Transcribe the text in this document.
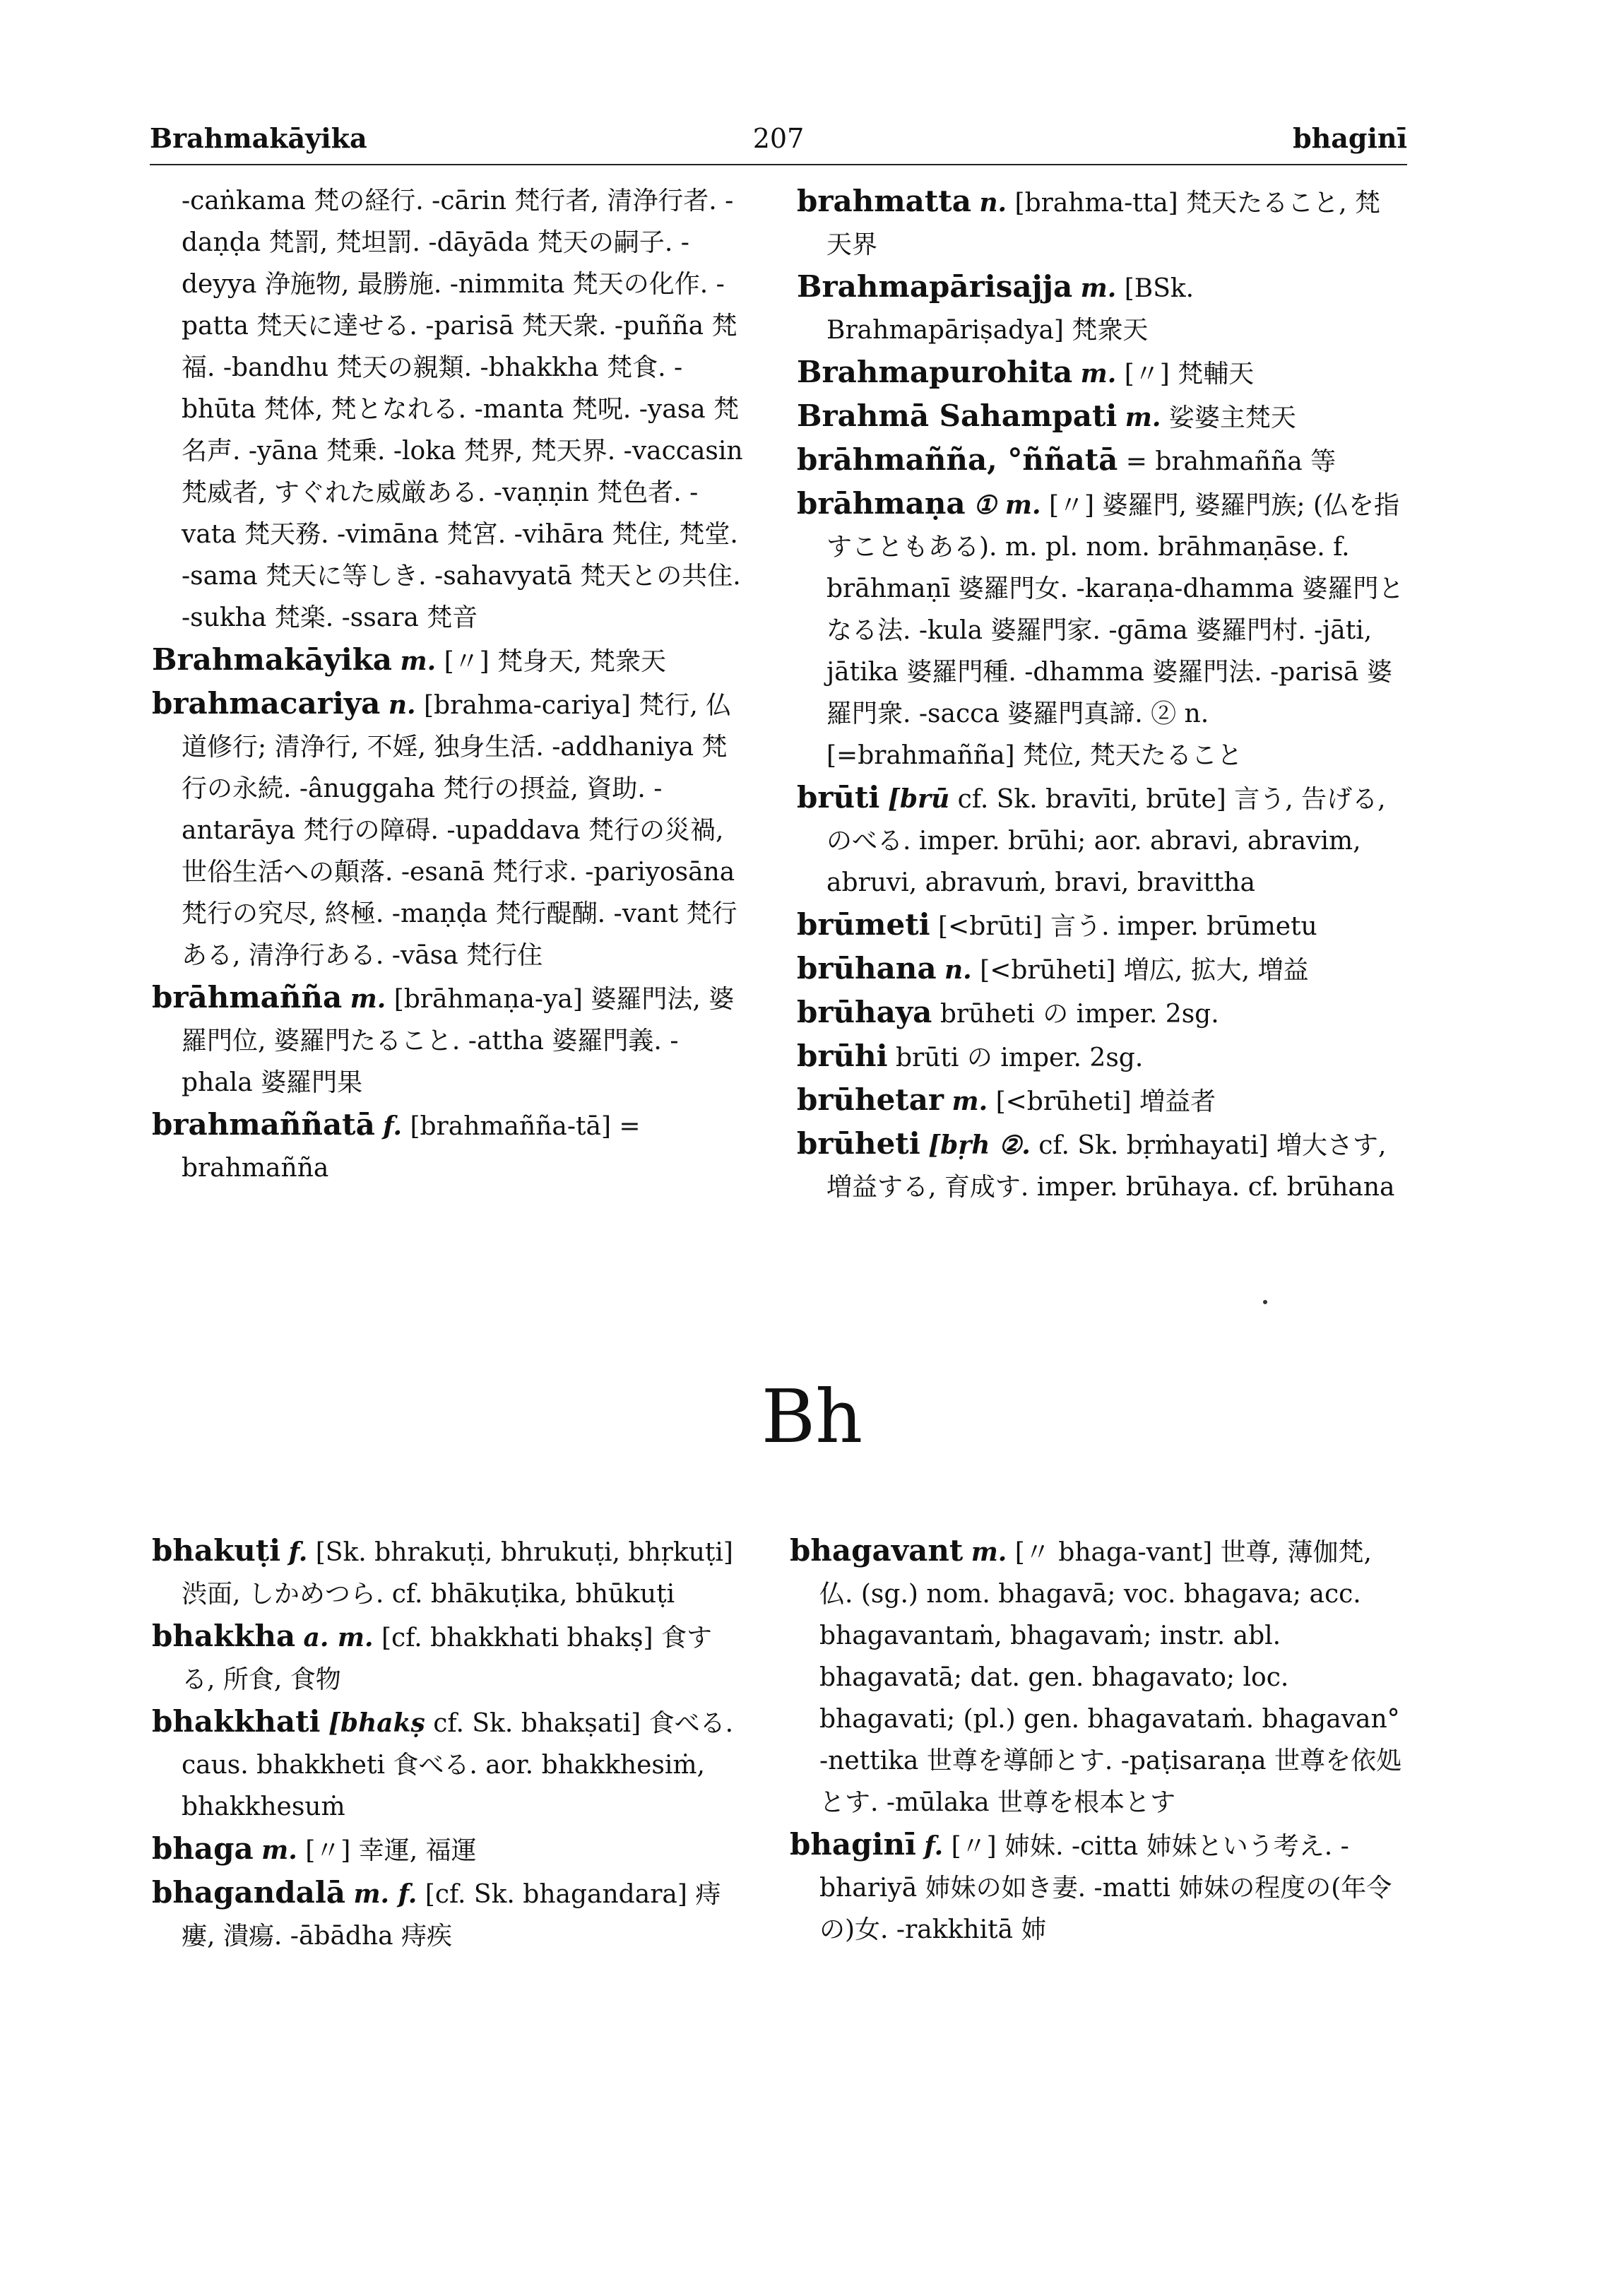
Brahmakāyika	207	bhaginī

-caṅkama 梵の経行. -cārin 梵行者, 清浄行者. -daṇḍa 梵罰, 梵坦罰. -dāyāda 梵天の嗣子. -deyya 浄施物, 最勝施. -nimmita 梵天の化作. -patta 梵天に達せる. -parisā 梵天衆. -puñña 梵福. -bandhu 梵天の親類. -bhakkha 梵食. -bhūta 梵体, 梵となれる. -manta 梵呪. -yasa 梵名声. -yāna 梵乗. -loka 梵界, 梵天界. -vaccasin 梵威者, すぐれた威厳ある. -vaṇṇin 梵色者. -vata 梵天務. -vimāna 梵宮. -vihāra 梵住, 梵堂. -sama 梵天に等しき. -sahavyatā 梵天との共住. -sukha 梵楽. -ssara 梵音

Brahmakāyika m. [〃] 梵身天, 梵衆天

brahmacariya n. [brahma-cariya] 梵行, 仏道修行; 清浄行, 不婬, 独身生活. -addhaniya 梵行の永続. -ânuggaha 梵行の摂益, 資助. -antarāya 梵行の障碍. -upaddava 梵行の災禍, 世俗生活への顛落. -esanā 梵行求. -pariyosāna 梵行の究尽, 終極. -maṇḍa 梵行醍醐. -vant 梵行ある, 清浄行ある. -vāsa 梵行住

brāhmañña m. [brāhmaṇa-ya] 婆羅門法, 婆羅門位, 婆羅門たること. -attha 婆羅門義. -phala 婆羅門果

brahmaññatā f. [brahmañña-tā] = brahmañña

brahmatta n. [brahma-tta] 梵天たること, 梵天界

Brahmapārisajja m. [BSk. Brahmapāriṣadya] 梵衆天

Brahmapurohita m. [〃] 梵輔天

Brahmā Sahampati m. 娑婆主梵天

brāhmañña, °ññatā = brahmañña 等

brāhmaṇa ① m. [〃] 婆羅門, 婆羅門族; (仏を指すこともある). m. pl. nom. brāhmaṇāse. f. brāhmaṇī 婆羅門女. -karaṇa-dhamma 婆羅門となる法. -kula 婆羅門家. -gāma 婆羅門村. -jāti, jātika 婆羅門種. -dhamma 婆羅門法. -parisā 婆羅門衆. -sacca 婆羅門真諦. ② n. [=brahmañña] 梵位, 梵天たること

brūti [brū cf. Sk. bravīti, brūte] 言う, 告げる, のべる. imper. brūhi; aor. abravi, abravim, abruvi, abravuṁ, bravi, bravittha

brūmeti [<brūti] 言う. imper. brūmetu

brūhana n. [<brūheti] 増広, 拡大, 増益

brūhaya brūheti の imper. 2sg.

brūhi brūti の imper. 2sg.

brūhetar m. [<brūheti] 増益者

brūheti [bṛh ②. cf. Sk. bṛṁhayati] 増大さす, 増益する, 育成す. imper. brūhaya. cf. brūhana

Bh

bhakuṭi f. [Sk. bhrakuṭi, bhrukuṭi, bhṛkuṭi] 渋面, しかめつら. cf. bhākuṭika, bhūkuṭi

bhakkha a. m. [cf. bhakkhati bhakṣ] 食する, 所食, 食物

bhakkhati [bhakṣ cf. Sk. bhakṣati] 食べる. caus. bhakkheti 食べる. aor. bhakkhesiṁ, bhakkhesuṁ

bhaga m. [〃] 幸運, 福運

bhagandalā m. f. [cf. Sk. bhagandara] 痔瘻, 潰瘍. -ābādha 痔疾

bhagavant m. [〃 bhaga-vant] 世尊, 薄伽梵, 仏. (sg.) nom. bhagavā; voc. bhagava; acc. bhagavantaṁ, bhagavaṁ; instr. abl. bhagavatā; dat. gen. bhagavato; loc. bhagavati; (pl.) gen. bhagavataṁ. bhagavan° -nettika 世尊を導師とす. -paṭisaraṇa 世尊を依処とす. -mūlaka 世尊を根本とす

bhaginī f. [〃] 姉妹. -citta 姉妹という考え. -bhariyā 姉妹の如き妻. -matti 姉妹の程度の(年令の)女. -rakkhitā 姉
